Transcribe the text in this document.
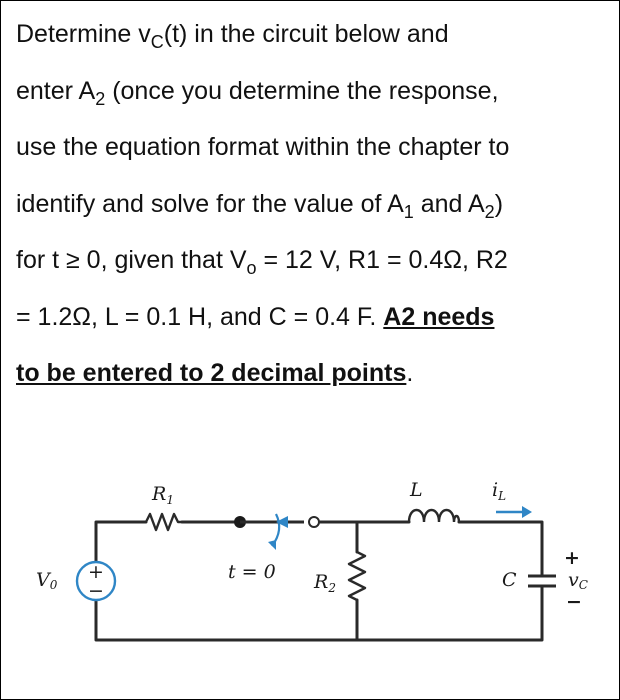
Determine $v_C(t)$ in the circuit below and
enter $A_2$ (once you determine the response,
use the equation format within the chapter to
identify and solve for the value of $A_1$ and $A_2$)
for t ≥ 0, given that $V_o = 12$ V, R1 = 0.4Ω, R2
= 1.2Ω, L = 0.1 H, and C = 0.4 F. A2 needs
to be entered to 2 decimal points.
+
−
+
−
$R_1$	L	$i_L$
t = 0 $R_2$	C	vC
V0
